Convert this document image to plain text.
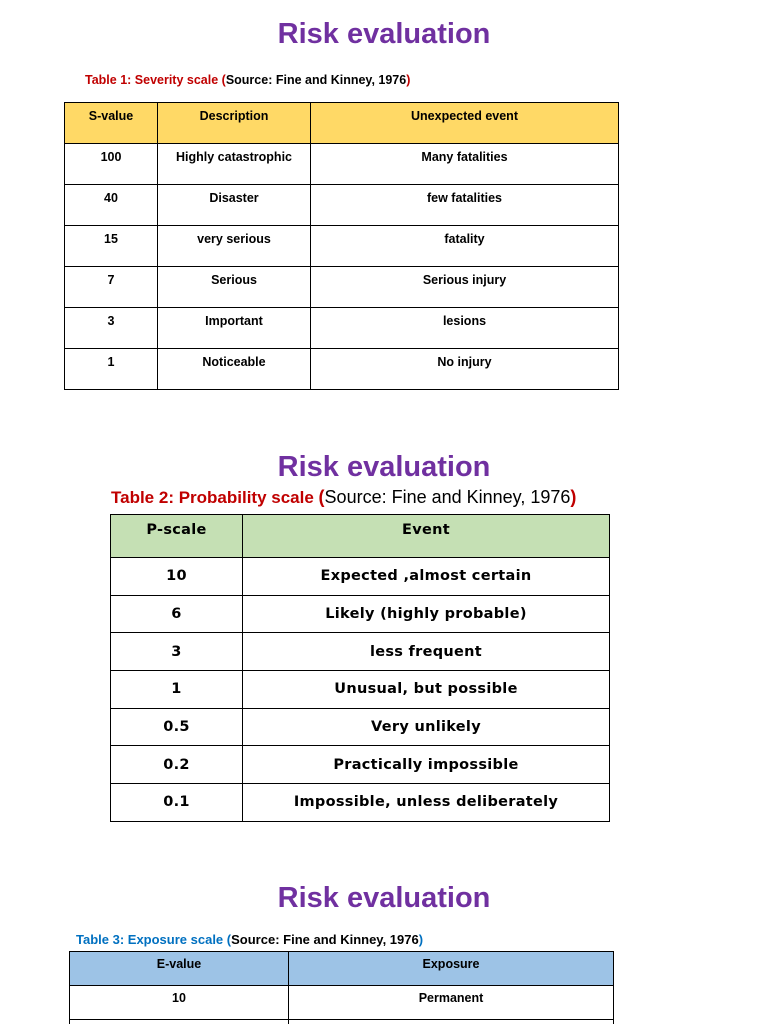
Risk evaluation
Table 1: Severity scale (Source: Fine and Kinney, 1976)
S-value	Description	Unexpected event
100	Highly catastrophic	Many fatalities
40	Disaster	few fatalities
15	very serious	fatality
7	Serious	Serious injury
3	Important	lesions
1	Noticeable	No injury
Risk evaluation
Table 2: Probability scale (Source: Fine and Kinney, 1976)
P-scale	Event
10	Expected ,almost certain
6	Likely (highly probable)
3	less frequent
1	Unusual, but possible
0.5	Very unlikely
0.2	Practically impossible
0.1	Impossible, unless deliberately
Risk evaluation
Table 3: Exposure scale (Source: Fine and Kinney, 1976)
E-value	Exposure
10	Permanent
